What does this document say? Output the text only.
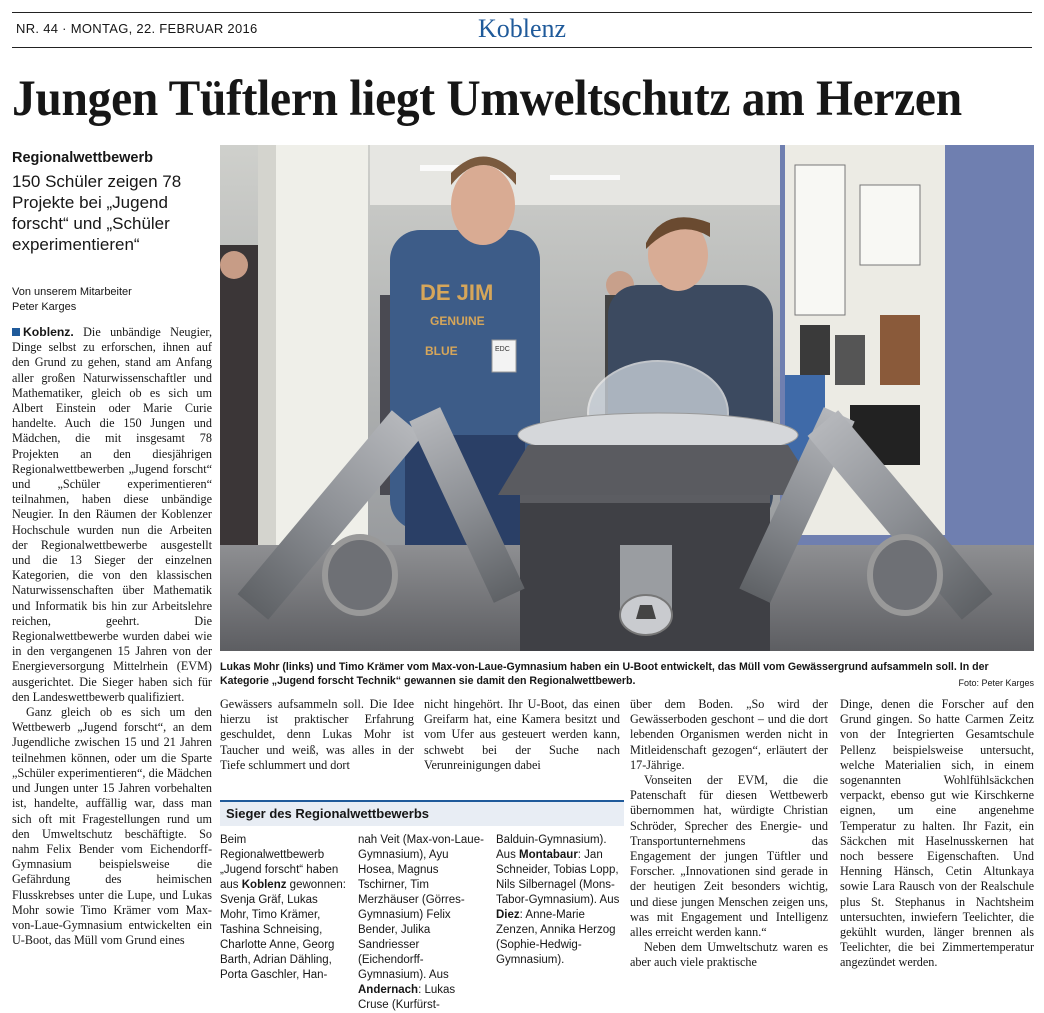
NR. 44 · MONTAG, 22. FEBRUAR 2016	Koblenz
Jungen Tüftlern liegt Umweltschutz am Herzen
Regionalwettbewerb
150 Schüler zeigen 78 Projekte bei „Jugend forscht“ und „Schüler experimentieren“
Von unserem Mitarbeiter
Peter Karges

Koblenz. Die unbändige Neugier, Dinge selbst zu erforschen, ihnen auf den Grund zu gehen, stand am Anfang aller großen Naturwissenschaftler und Mathematiker, gleich ob es sich um Albert Einstein oder Marie Curie handelte. Auch die 150 Jungen und Mädchen, die mit insgesamt 78 Projekten an den diesjährigen Regionalwettbewerben „Jugend forscht“ und „Schüler experimentieren“ teilnahmen, haben diese unbändige Neugier. In den Räumen der Koblenzer Hochschule wurden nun die Arbeiten der Regionalwettbewerbe ausgestellt und die 13 Sieger der einzelnen Kategorien, die von den klassischen Naturwissenschaften über Mathematik und Informatik bis hin zur Arbeitslehre reichen, geehrt. Die Regionalwettbewerbe wurden dabei wie in den vergangenen 15 Jahren von der Energieversorgung Mittelrhein (EVM) ausgerichtet. Die Sieger haben sich für den Landeswettbewerb qualifiziert.

Ganz gleich ob es sich um den Wettbewerb „Jugend forscht“, an dem Jugendliche zwischen 15 und 21 Jahren teilnehmen können, oder um die Sparte „Schüler experimentieren“, die Mädchen und Jungen unter 15 Jahren vorbehalten ist, handelte, auffällig war, dass man sich oft mit Fragestellungen rund um den Umweltschutz beschäftigte. So nahm Felix Bender vom Eichendorff-Gymnasium beispielsweise die Gefährdung des heimischen Flusskrebses unter die Lupe, und Lukas Mohr sowie Timo Krämer vom Max-von-Laue-Gymnasium entwickelten ein U-Boot, das Müll vom Grund eines

DE JIM
GENUINE
BLUE	EDC
Lukas Mohr (links) und Timo Krämer vom Max-von-Laue-Gymnasium haben ein U-Boot entwickelt, das Müll vom Gewässergrund aufsammeln soll. In der Kategorie „Jugend forscht Technik“ gewannen sie damit den Regionalwettbewerb.	Foto: Peter Karges

Gewässers aufsammeln soll. Die Idee hierzu ist praktischer Erfahrung geschuldet, denn Lukas Mohr ist Taucher und weiß, was alles in der Tiefe schlummert und dort

nicht hingehört. Ihr U-Boot, das einen Greifarm hat, eine Kamera besitzt und vom Ufer aus gesteuert werden kann, schwebt bei der Suche nach Verunreinigungen dabei

Sieger des Regionalwettbewerbs
Beim Regionalwettbewerb „Jugend forscht“ haben aus Koblenz gewonnen: Svenja Gräf, Lukas Mohr, Timo Krämer, Tashina Schneising, Charlotte Anne, Georg Barth, Adrian Dähling, Porta Gaschler, Han-
nah Veit (Max-von-Laue-Gymnasium), Ayu Hosea, Magnus Tschirner, Tim Merzhäuser (Görres-Gymnasium) Felix Bender, Julika Sandriesser (Eichendorff-Gymnasium). Aus Andernach: Lukas Cruse (Kurfürst-
Balduin-Gymnasium). Aus Montabaur: Jan Schneider, Tobias Lopp, Nils Silbernagel (Mons-Tabor-Gymnasium). Aus Diez: Anne-Marie Zenzen, Annika Herzog (Sophie-Hedwig-Gymnasium).

über dem Boden. „So wird der Gewässerboden geschont – und die dort lebenden Organismen werden nicht in Mitleidenschaft gezogen“, erläutert der 17-Jährige.

Vonseiten der EVM, die die Patenschaft für diesen Wettbewerb übernommen hat, würdigte Christian Schröder, Sprecher des Energie- und Transportunternehmens das Engagement der jungen Tüftler und Forscher. „Innovationen sind gerade in der heutigen Zeit besonders wichtig, und diese jungen Menschen zeigen uns, was mit Engagement und Intelligenz alles erreicht werden kann.“

Neben dem Umweltschutz waren es aber auch viele praktische

Dinge, denen die Forscher auf den Grund gingen. So hatte Carmen Zeitz von der Integrierten Gesamtschule Pellenz beispielsweise untersucht, welche Materialien sich, in einem sogenannten Wohlfühlsäckchen verpackt, ebenso gut wie Kirschkerne eignen, um eine angenehme Temperatur zu halten. Ihr Fazit, ein Säckchen mit Haselnusskernen hat noch bessere Eigenschaften. Und Henning Hänsch, Cetin Altunkaya sowie Lara Rausch von der Realschule plus St. Stephanus in Nachtsheim untersuchten, inwiefern Teelichter, die gekühlt wurden, länger brennen als Teelichter, die bei Zimmertemperatur angezündet werden.
